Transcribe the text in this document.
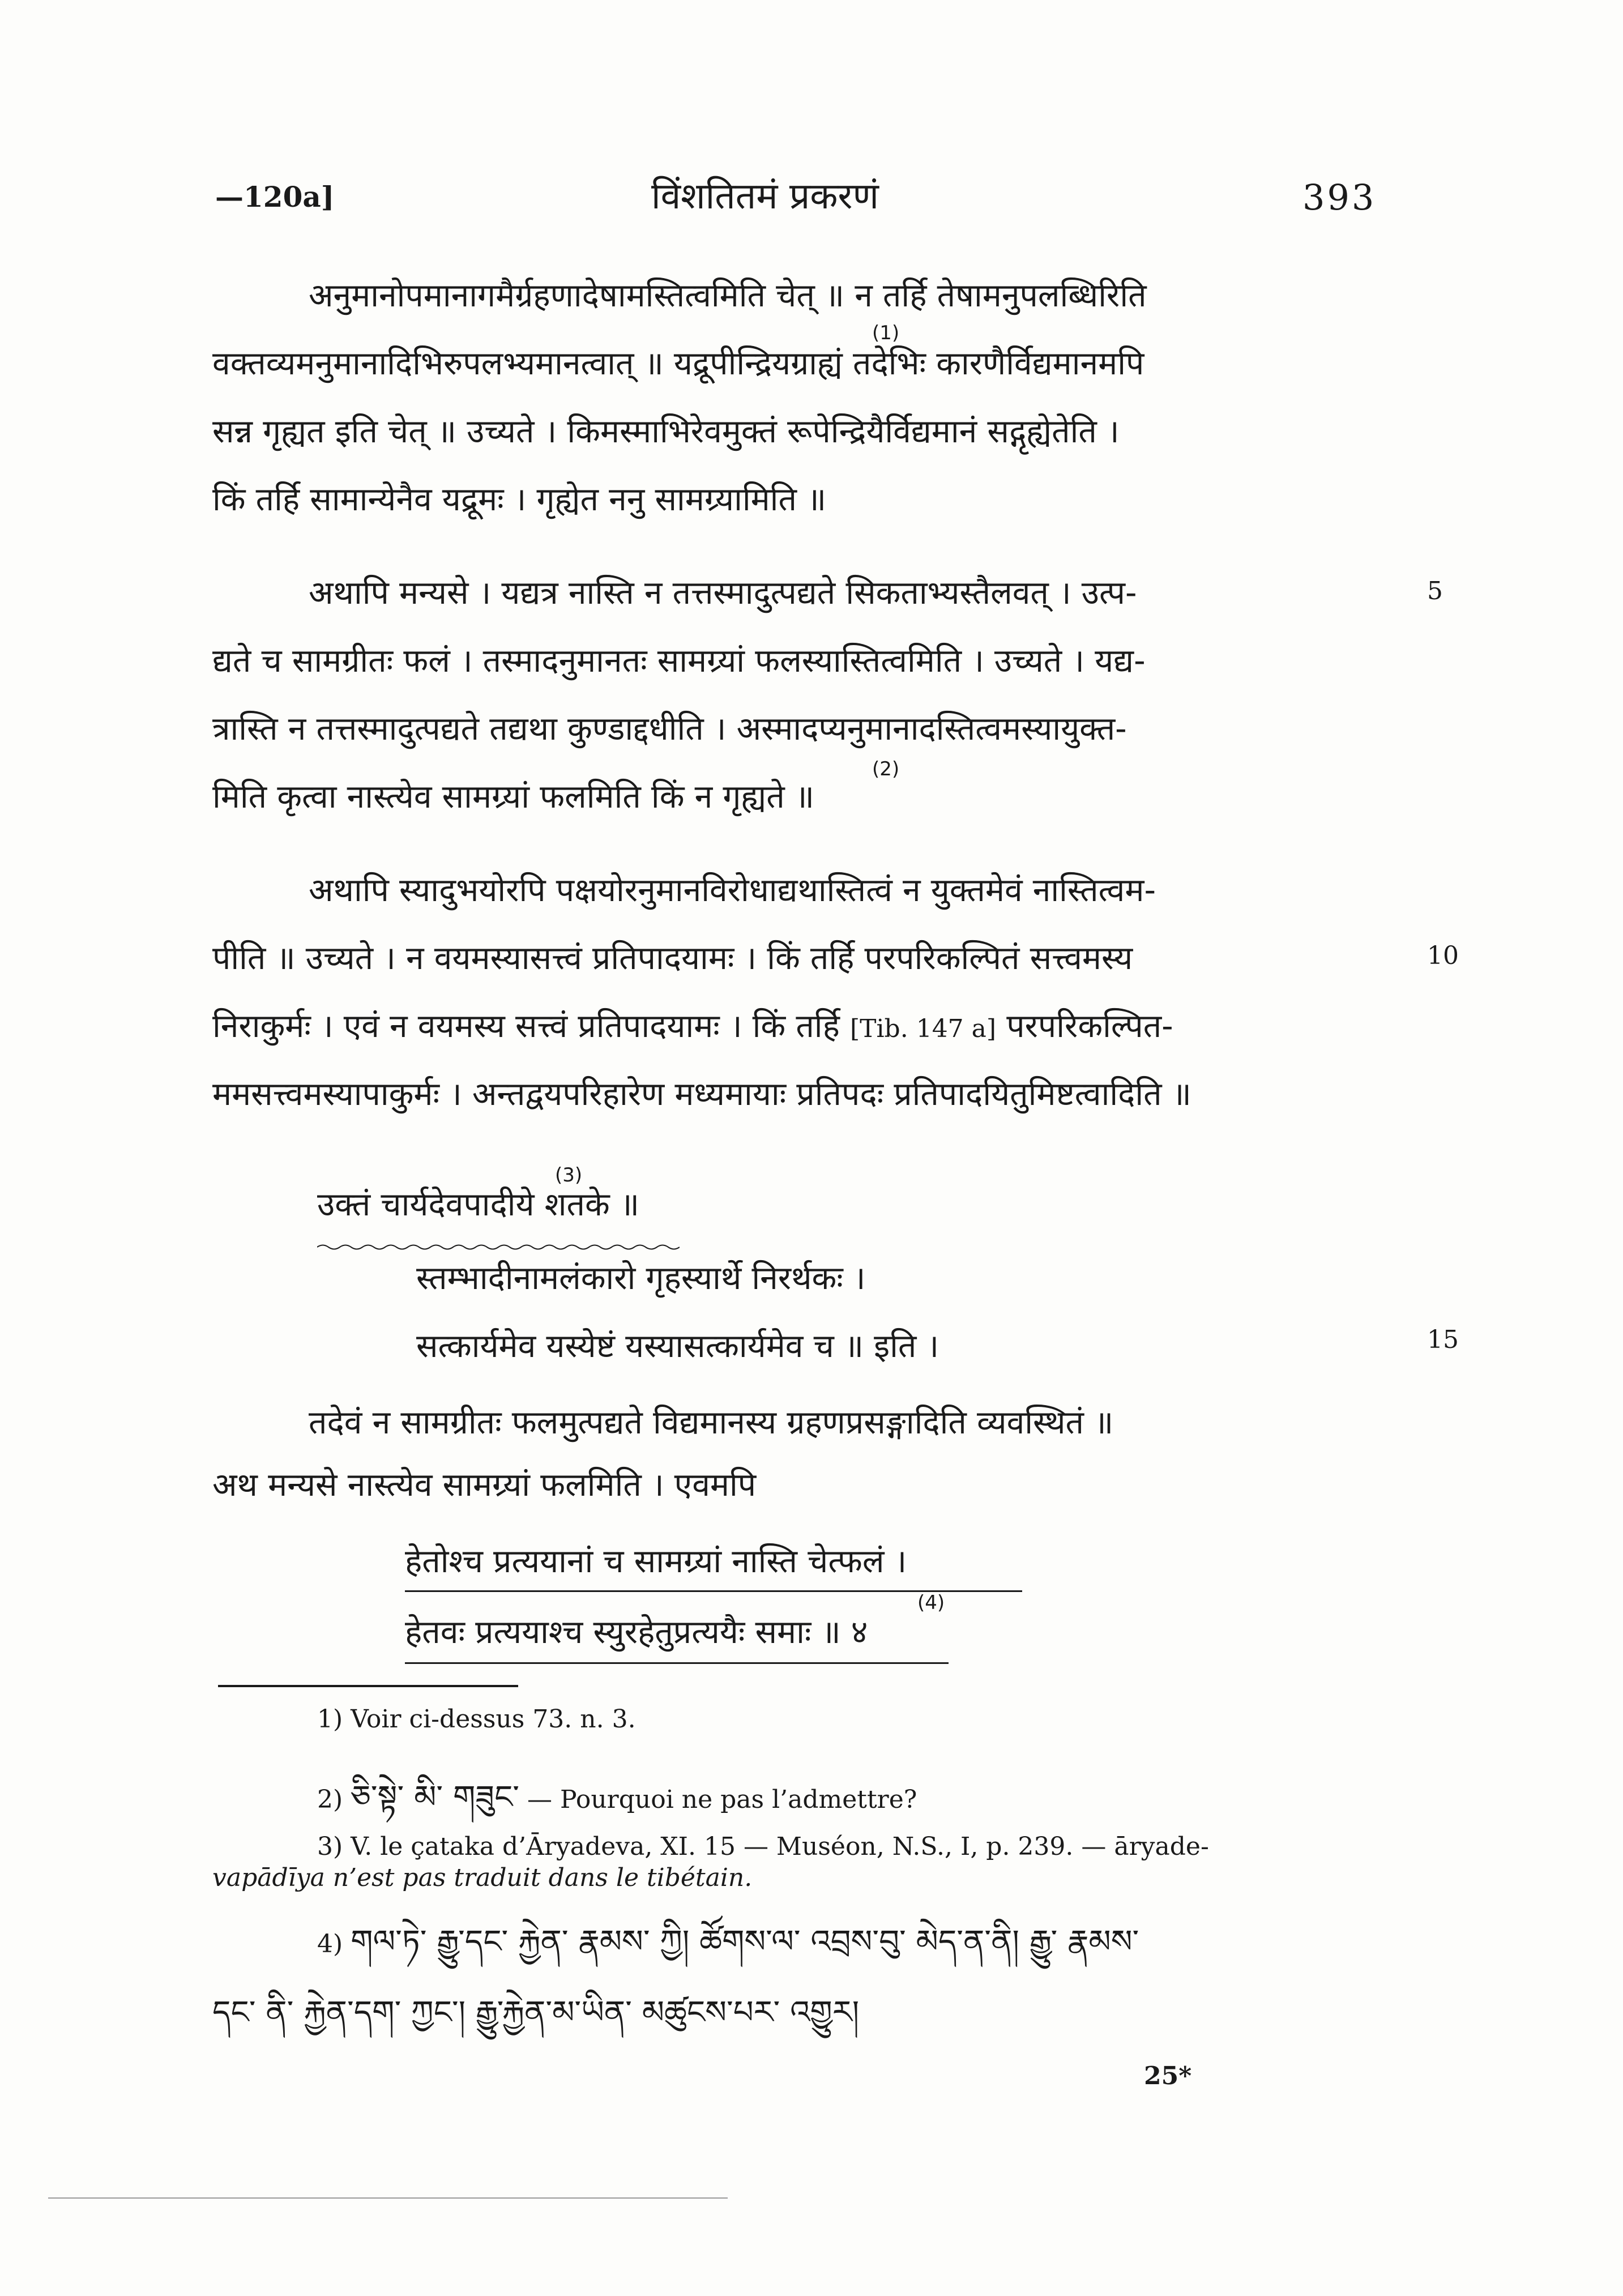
—120a]	विंशतितमं प्रकरणं	393
अनुमानोपमानागमैर्ग्रहणादेषामस्तित्वमिति चेत् ॥ न तर्हि तेषामनुपलब्धिरिति
वक्तव्यमनुमानादिभिरुपलभ्यमानत्वात् ॥ यद्रूपीन्द्रियग्राह्यं तदेभिः कारणैर्विद्यमानमपि
$^{(1)}$
सन्न गृह्यत इति चेत् ॥ उच्यते । किमस्माभिरेवमुक्तं रूपेन्द्रियैर्विद्यमानं सद्गृह्येतेति ।
किं तर्हि सामान्येनैव यद्रूमः । गृह्येत ननु सामग्र्यामिति ॥
अथापि मन्यसे । यद्यत्र नास्ति न तत्तस्मादुत्पद्यते सिकताभ्यस्तैलवत् । उत्प-	5
द्यते च सामग्रीतः फलं । तस्मादनुमानतः सामग्र्यां फलस्यास्तित्वमिति । उच्यते । यद्य-
त्रास्ति न तत्तस्मादुत्पद्यते तद्यथा कुण्डाद्दधीति । अस्मादप्यनुमानादस्तित्वमस्यायुक्त-
मिति कृत्वा नास्त्येव सामग्र्यां फलमिति किं न गृह्यते ॥
$^{(2)}$
अथापि स्यादुभयोरपि पक्षयोरनुमानविरोधाद्यथास्तित्वं न युक्तमेवं नास्तित्वम-
पीति ॥ उच्यते । न वयमस्यासत्त्वं प्रतिपादयामः । किं तर्हि परपरिकल्पितं सत्त्वमस्य	10
निराकुर्मः । एवं न वयमस्य सत्त्वं प्रतिपादयामः । किं तर्हि [Tib. 147 a] परपरिकल्पित-
ममसत्त्वमस्यापाकुर्मः । अन्तद्वयपरिहारेण मध्यमायाः प्रतिपदः प्रतिपादयितुमिष्टत्वादिति ॥
उक्तं चार्यदेवपादीये शतके ॥
$^{(3)}$
स्तम्भादीनामलंकारो गृहस्यार्थे निरर्थकः ।
सत्कार्यमेव यस्येष्टं यस्यासत्कार्यमेव च ॥ इति ।	15
तदेवं न सामग्रीतः फलमुत्पद्यते विद्यमानस्य ग्रहणप्रसङ्गादिति व्यवस्थितं ॥
अथ मन्यसे नास्त्येव सामग्र्यां फलमिति । एवमपि
हेतोश्च प्रत्ययानां च सामग्र्यां नास्ति चेत्फलं ।
हेतवः प्रत्ययाश्च स्युरहेतुप्रत्ययैः समाः ॥ ४
$^{(4)}$
1) Voir ci-dessus 73. n. 3.
2) ཅི་སྟེ་ མི་ གཟུང་ — Pourquoi ne pas l’admettre?
3) V. le çataka d’Āryadeva, XI. 15 — Muséon, N.S., I, p. 239. — āryade-
vapādīya n’est pas traduit dans le tibétain.
4) གལ་ཏེ་ རྒྱུ་དང་ རྐྱེན་ རྣམས་ ཀྱི། ཚོགས་ལ་ འབྲས་བུ་ མེད་ན་ནི། རྒྱུ་ རྣམས་
དང་ ནི་ རྐྱེན་དག་ ཀྱང་། རྒྱུ་རྐྱེན་མ་ཡིན་ མཚུངས་པར་ འགྱུར།
25*
